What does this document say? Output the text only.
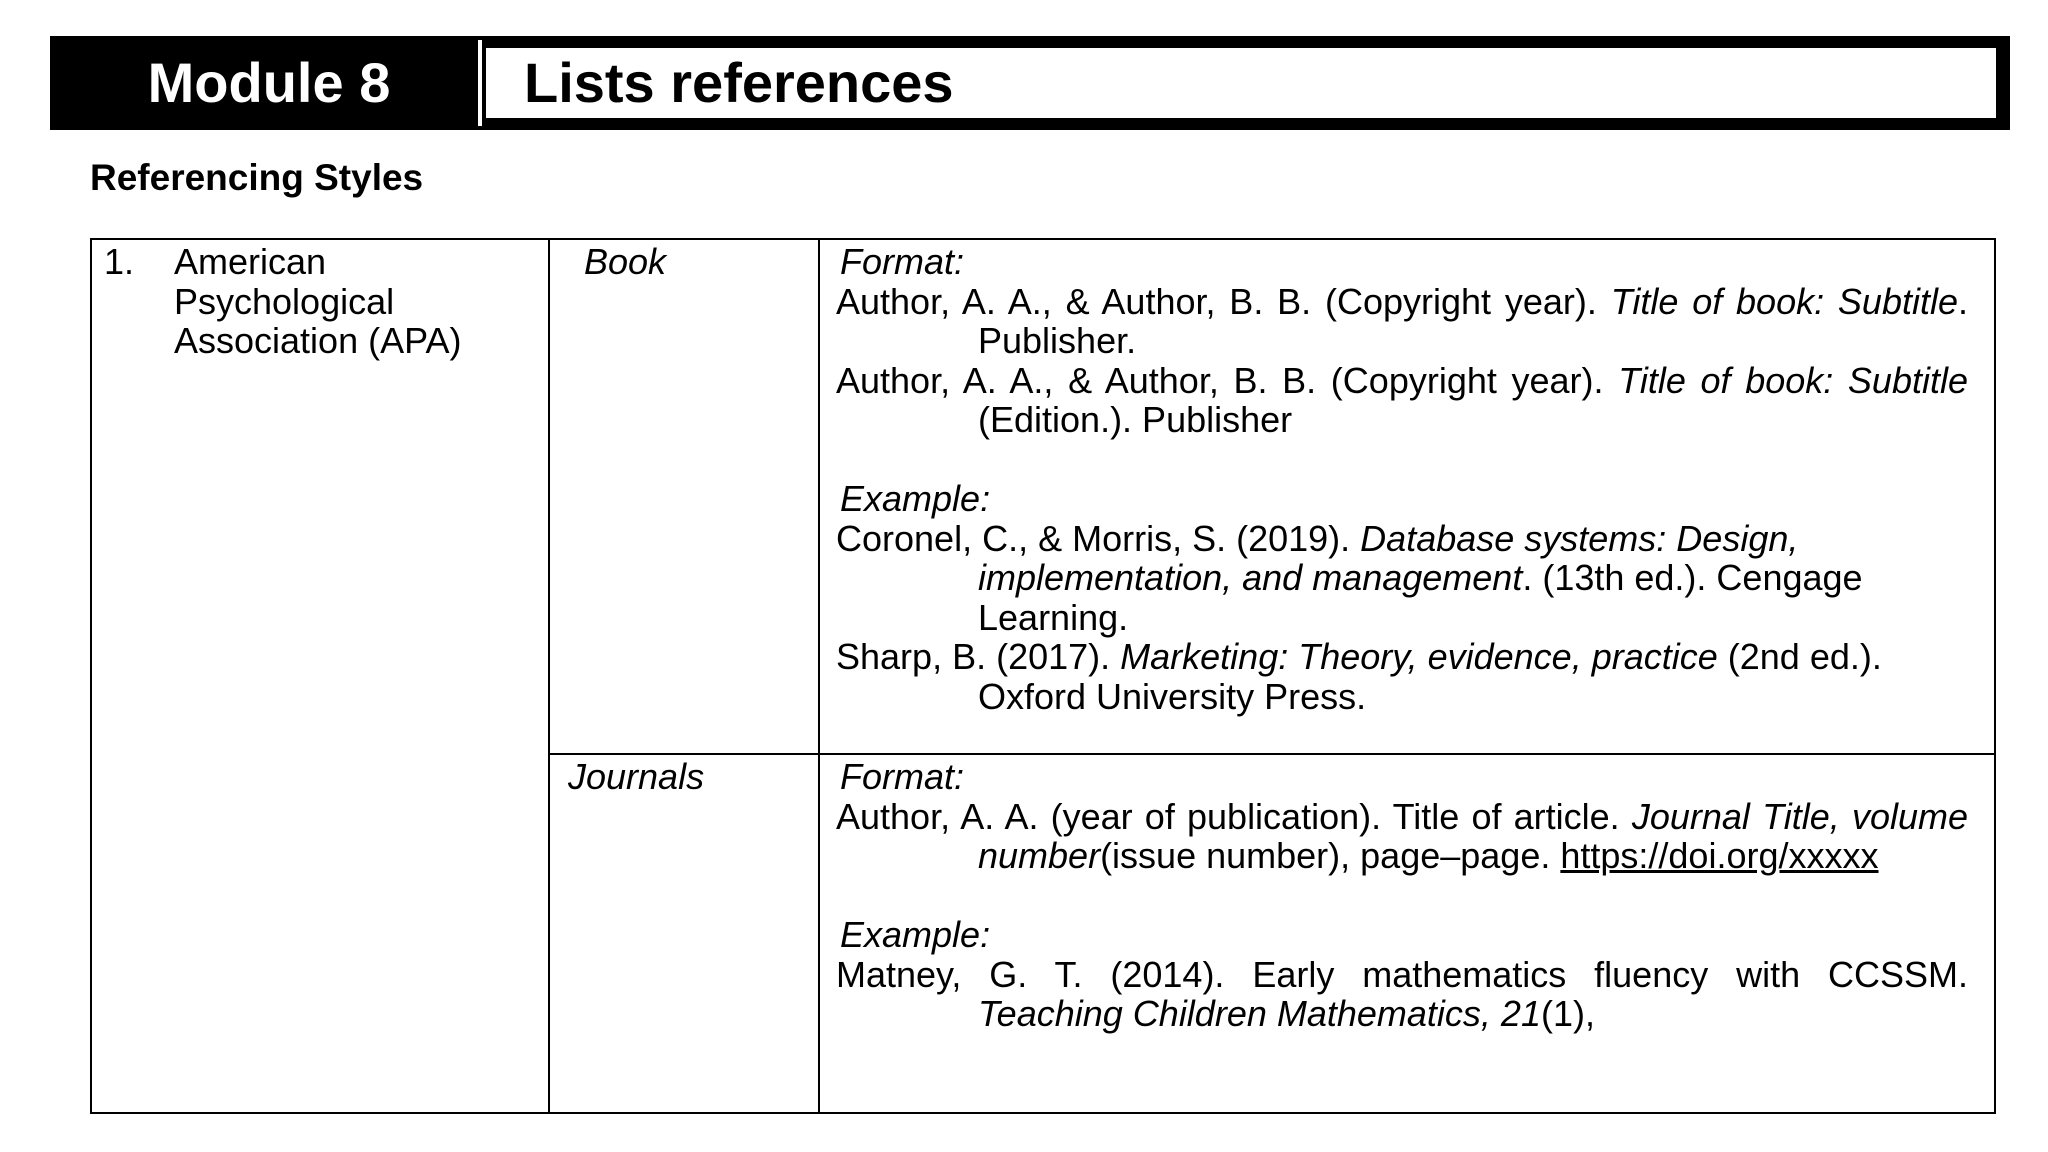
Module 8	Lists references
Referencing Styles
1. American Psychological Association (APA)
Book	Format:
Author, A. A., & Author, B. B. (Copyright year). Title of book: Subtitle. Publisher.
Author, A. A., & Author, B. B. (Copyright year). Title of book: Subtitle (Edition.). Publisher
Example:
Coronel, C., & Morris, S. (2019). Database systems: Design, implementation, and management. (13th ed.). Cengage Learning.
Sharp, B. (2017). Marketing: Theory, evidence, practice (2nd ed.). Oxford University Press.
Journals	Format:
Author, A. A. (year of publication). Title of article. Journal Title, volume number(issue number), page–page. https://doi.org/xxxxx
Example:
Matney, G. T. (2014). Early mathematics fluency with CCSSM. Teaching Children Mathematics, 21(1),
